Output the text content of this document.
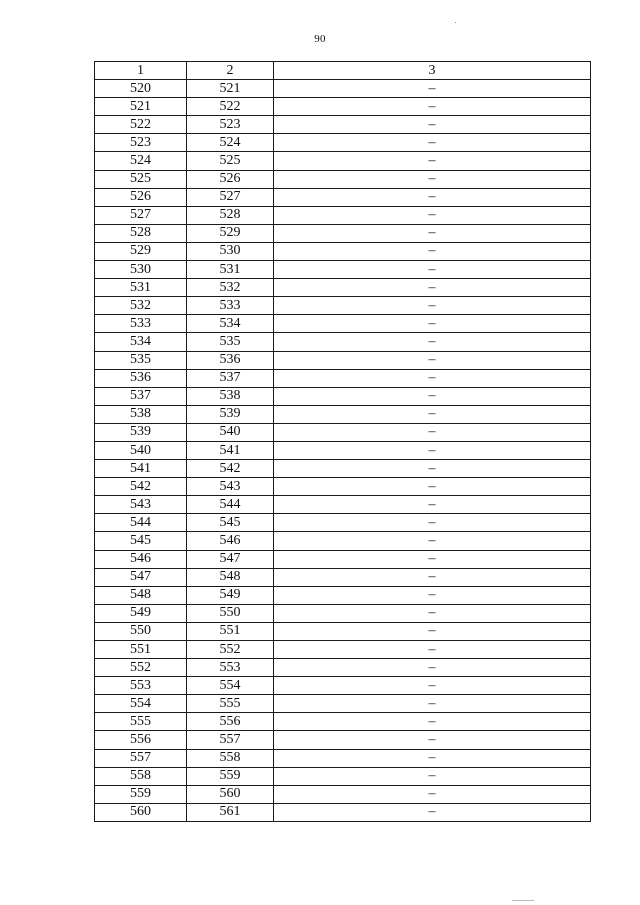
90
1	2	3
520	521	–
521	522	–
522	523	–
523	524	–
524	525	–
525	526	–
526	527	–
527	528	–
528	529	–
529	530	–
530	531	–
531	532	–
532	533	–
533	534	–
534	535	–
535	536	–
536	537	–
537	538	–
538	539	–
539	540	–
540	541	–
541	542	–
542	543	–
543	544	–
544	545	–
545	546	–
546	547	–
547	548	–
548	549	–
549	550	–
550	551	–
551	552	–
552	553	–
553	554	–
554	555	–
555	556	–
556	557	–
557	558	–
558	559	–
559	560	–
560	561	–
